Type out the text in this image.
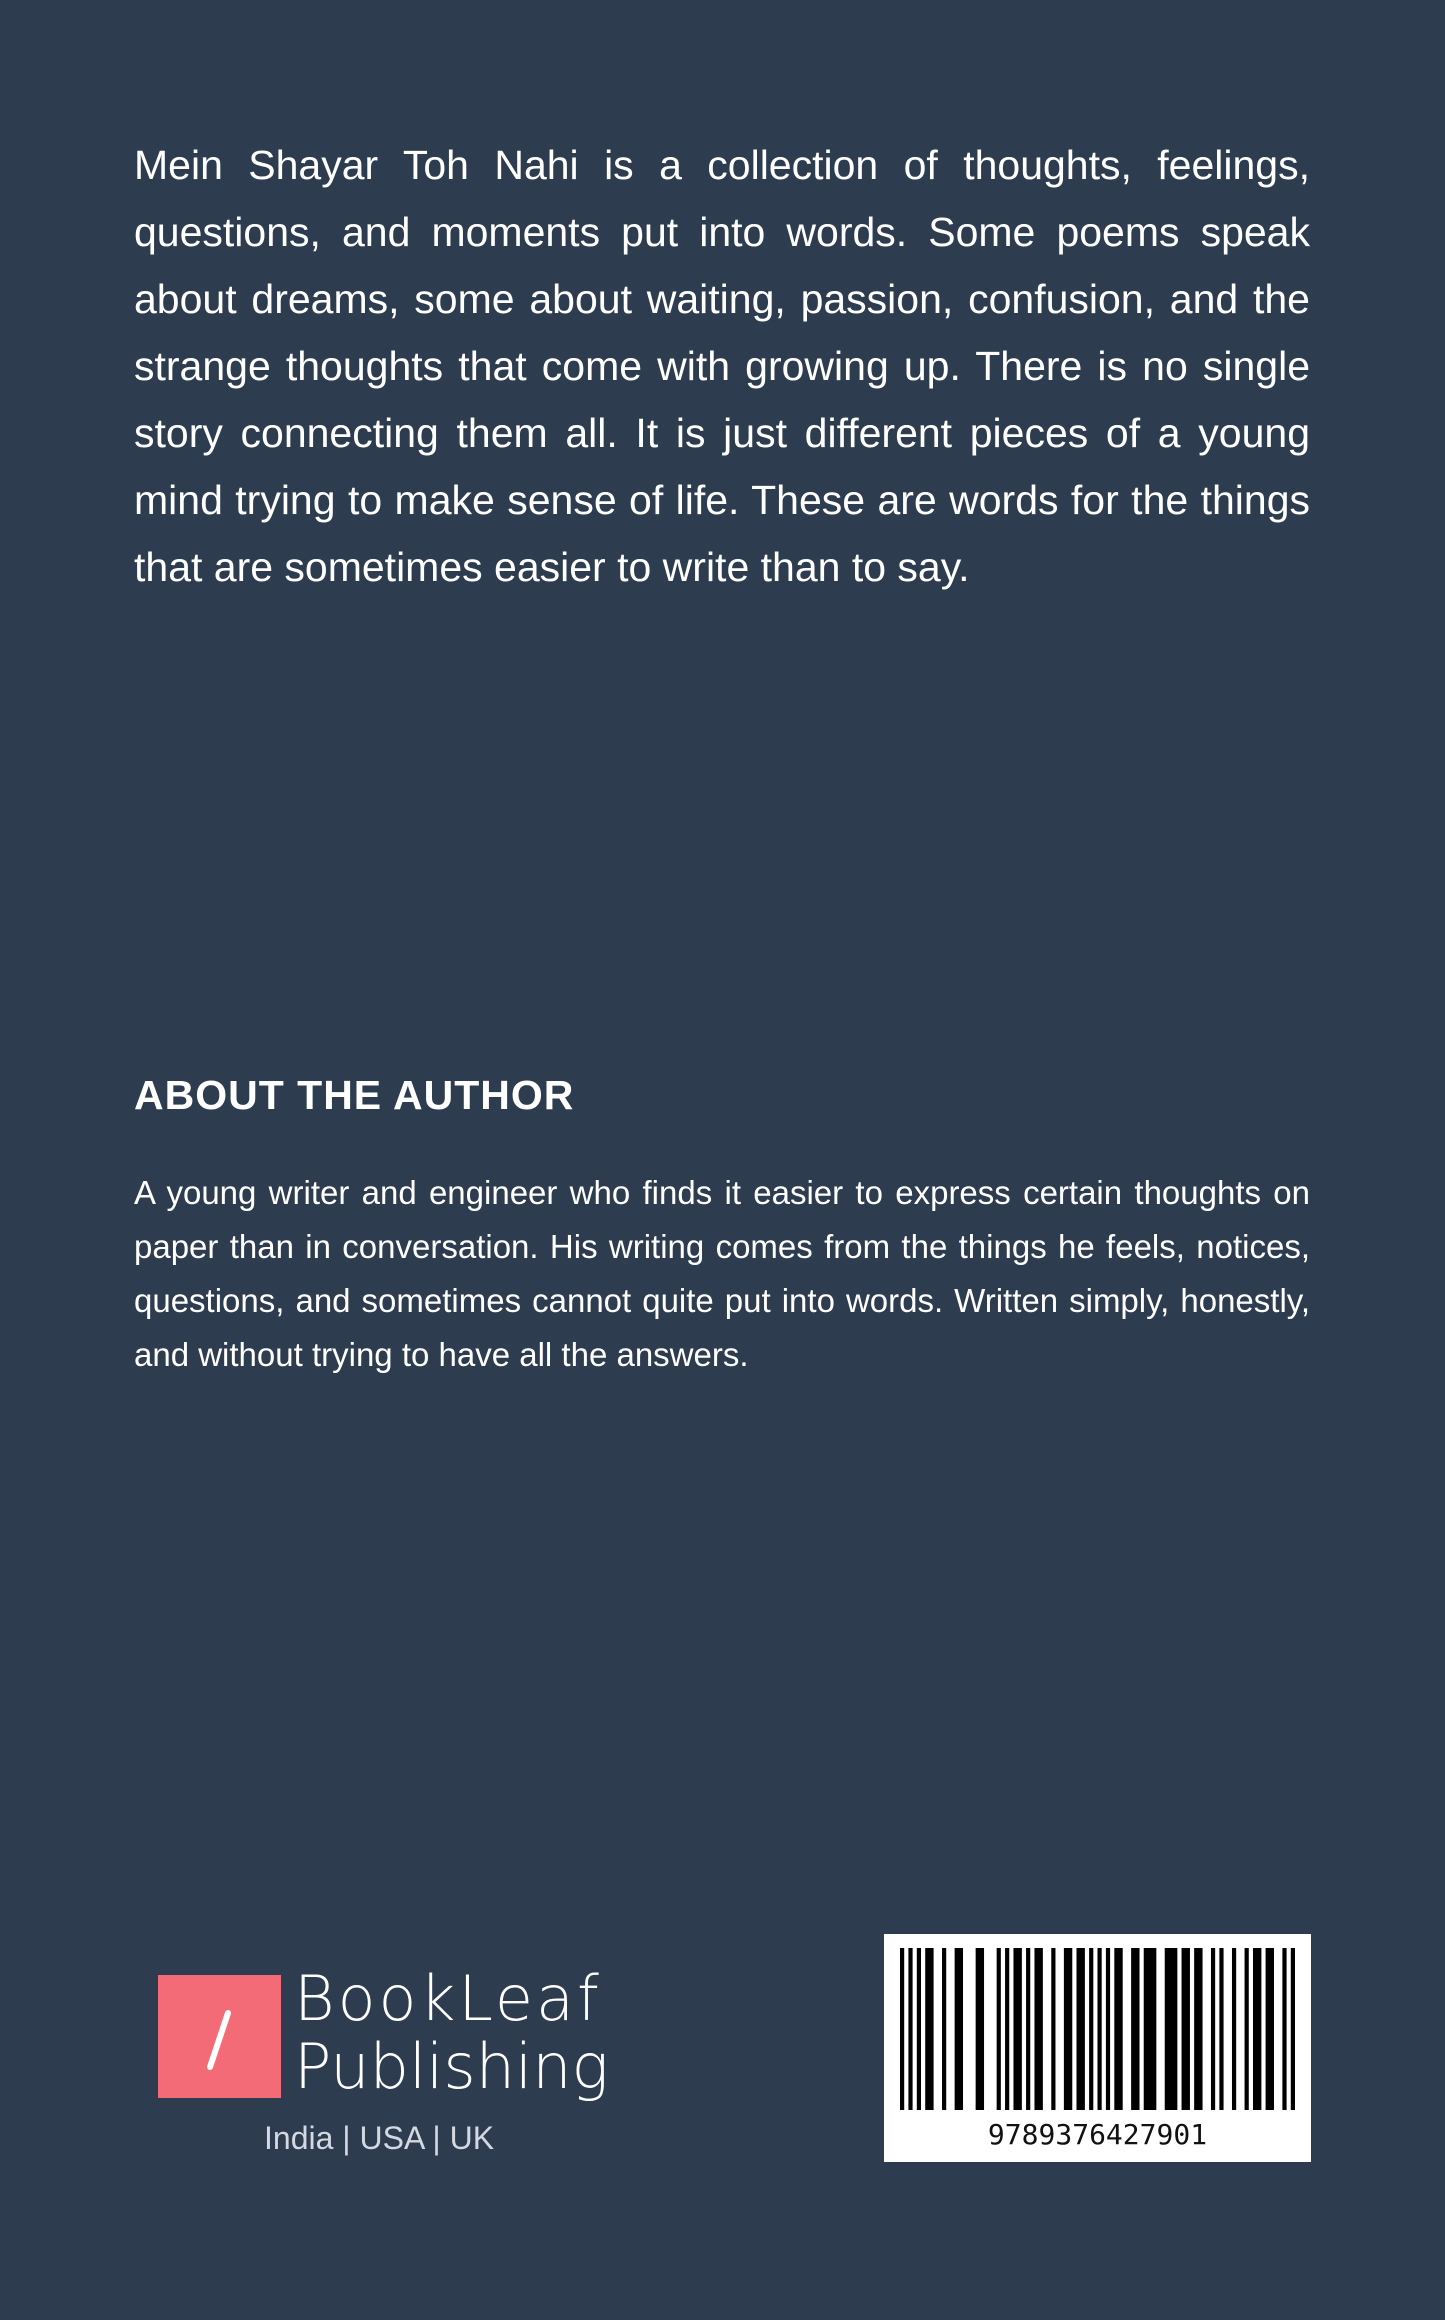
Mein Shayar Toh Nahi is a collection of thoughts, feelings, questions, and moments put into words. Some poems speak about dreams, some about waiting, passion, confusion, and the strange thoughts that come with growing up. There is no single story connecting them all. It is just different pieces of a young mind trying to make sense of life. These are words for the things that are sometimes easier to write than to say.

ABOUT THE AUTHOR

A young writer and engineer who finds it easier to express certain thoughts on paper than in conversation. His writing comes from the things he feels, notices, questions, and sometimes cannot quite put into words. Written simply, honestly, and without trying to have all the answers.

BookLeaf
Publishing
India | USA | UK	9789376427901
